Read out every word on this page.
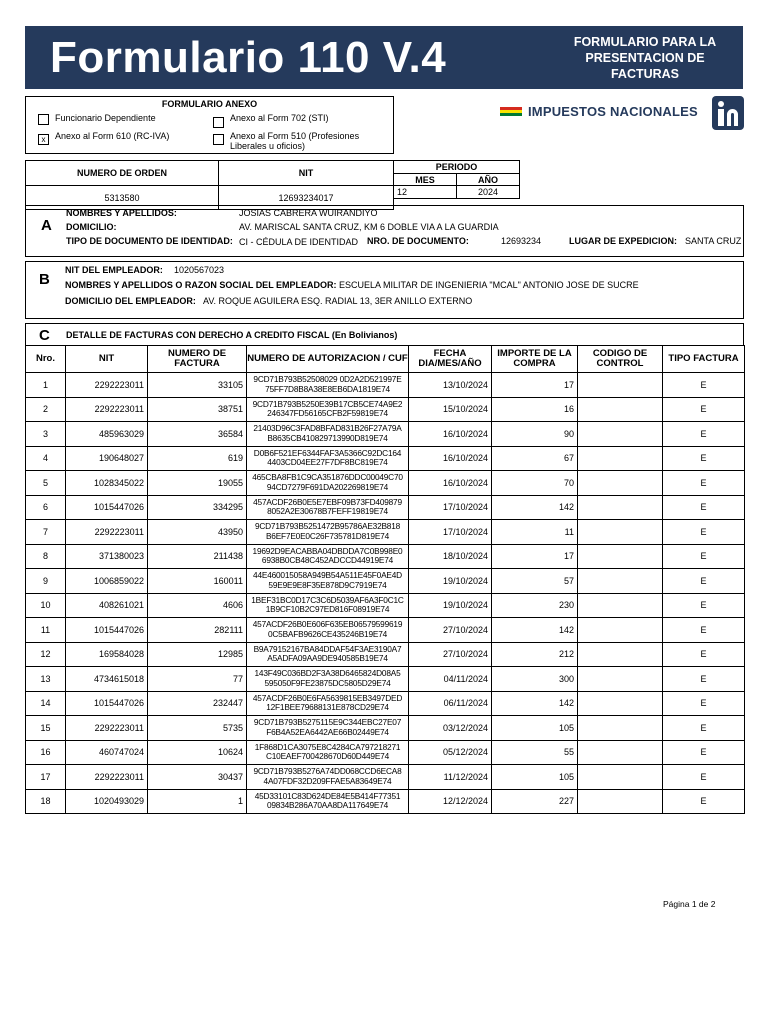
Formulario 110 V.4	FORMULARIO PARA LA PRESENTACION DE FACTURAS
FORMULARIO ANEXO
Funcionario Dependiente	Anexo al Form 702 (STI)
x	Anexo al Form 610 (RC-IVA)	Anexo al Form 510 (Profesiones Liberales u oficios)
IMPUESTOS NACIONALES
NUMERO DE ORDEN	NIT	PERIODO	
		MES	AÑO
5313580	12693234017	12	2024

A
NOMBRES Y APELLIDOS:	JOSIAS CABRERA WUIRANDIYO
DOMICILIO:	AV. MARISCAL SANTA CRUZ, KM 6 DOBLE VIA A LA GUARDIA
TIPO DE DOCUMENTO DE IDENTIDAD: CI - CÉDULA DE IDENTIDAD NRO. DE DOCUMENTO:	12693234	LUGAR DE EXPEDICION: SANTA CRUZ
B
NIT DEL EMPLEADOR: 1020567023
NOMBRES Y APELLIDOS O RAZON SOCIAL DEL EMPLEADOR: ESCUELA MILITAR DE INGENIERIA "MCAL" ANTONIO JOSE DE SUCRE
DOMICILIO DEL EMPLEADOR: AV. ROQUE AGUILERA ESQ. RADIAL 13, 3ER ANILLO EXTERNO
C DETALLE DE FACTURAS CON DERECHO A CREDITO FISCAL (En Bolivianos)
Nro.	NIT	NUMERO DE FACTURA	NUMERO DE AUTORIZACION / CUF	FECHA DIA/MES/AÑO	IMPORTE DE LA COMPRA	CODIGO DE CONTROL	TIPO FACTURA
1	2292223011	33105	9CD71B793B52508029 0D2A2D521997E
75FF7D8B8A38E8EB6DA1819E74	13/10/2024	17		E
2	2292223011	38751	9CD71B793B5250E39B17CB5CE74A9E2
246347FD56165CFB2F59819E74	15/10/2024	16		E
3	485963029	36584	21403D96C3FAD8BFAD831B26F27A79A
B8635CB410829713990D819E74	16/10/2024	90		E
4	190648027	619	D0B6F521EF6344FAF3A5366C92DC164
4403CD04EE27F7DF8BC819E74	16/10/2024	67		E
5	1028345022	19055	465CBA8FB1C9CA351876DDC00049C70
94CD7279F691DA202269819E74	16/10/2024	70		E
6	1015447026	334295	457ACDF26B0E5E7EBF09B73FD409879
8052A2E30678B7FEFF19819E74	17/10/2024	142		E
7	2292223011	43950	9CD71B793B5251472B95786AE32B818
B6EF7E0E0C26F735781D819E74	17/10/2024	11		E
8	371380023	211438	19692D9EACABBA04DBDDA7C0B998E0
6938B0CB48C452ADCCD44919E74	18/10/2024	17		E
9	1006859022	160011	44E460015058A949B54A511E45F0AE4D
59E9E9E8F35E878D9C7919E74	19/10/2024	57		E
10	408261021	4606	1BEF31BC0D17C3C6D5039AF6A3F0C1C
1B9CF10B2C97ED816F08919E74	19/10/2024	230		E
11	1015447026	282111	457ACDF26B0E606F635EB06579599619
0C5BAFB9626CE435246B19E74	27/10/2024	142		E
12	169584028	12985	B9A79152167BA84DDAF54F3AE3190A7
A5ADFA09AA9DE940585B19E74	27/10/2024	212		E
13	4734615018	77	143F49C036BD2F3A38D6465824D08A5
595050F9FE23875DC5805D29E74	04/11/2024	300		E
14	1015447026	232447	457ACDF26B0E6FA5639815EB3497DED
12F1BEE79688131E878CD29E74	06/11/2024	142		E
15	2292223011	5735	9CD71B793B5275115E9C344EBC27E07
F6B4A52EA6442AE66B02449E74	03/12/2024	105		E
16	460747024	10624	1F868D1CA3075E8C4284CA797218271
C10EAEF700428670D60D449E74	05/12/2024	55		E
17	2292223011	30437	9CD71B793B5276A74DD068CCD6ECA8
4A07FDF32D209FFAE5A83649E74	11/12/2024	105		E
18	1020493029	1	45D33101C83D624DE84E5B414F77351
09834B286A70AA8DA117649E74	12/12/2024	227		E
Página 1 de 2
